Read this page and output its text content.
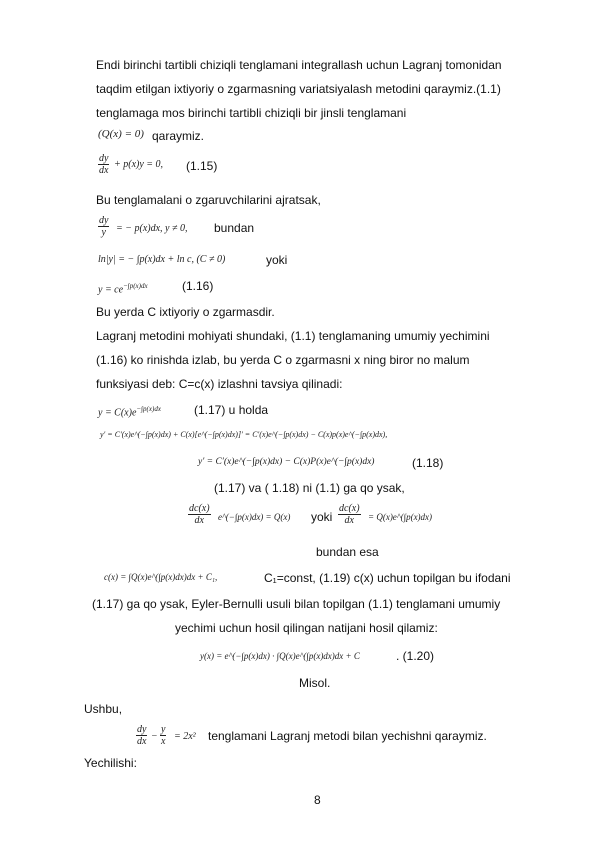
Endi birinchi tartibli chiziqli tenglamani integrallash uchun Lagranj tomonidan
taqdim etilgan ixtiyoriy o zgarmasning variatsiyalash metodini qaraymiz.(1.1)
tenglamaga mos birinchi tartibli chiziqli bir jinsli tenglamani
(Q(x) = 0) qaraymiz.
$\frac{dy}{dx} + p(x)y = 0$, (1.15)
Bu tenglamalani o zgaruvchilarini ajratsak,
$\frac{dy}{y}$ = − p(x)dx, y ≠ 0, bundan
ln|y| = − ∫p(x)dx + ln c, (C ≠ 0)	yoki
$y = ce^{-\int p(x)dx}$	(1.16)
Bu yerda C ixtiyoriy o zgarmasdir.
Lagranj metodini mohiyati shundaki, (1.1) tenglamaning umumiy yechimini
(1.16) ko rinishda izlab, bu yerda C o zgarmasni x ning biror no malum
funksiyasi deb: C=c(x) izlashni tavsiya qilinadi:
$y = C(x)e^{-\int p(x)dx}$	(1.17) u holda
y′ = C′(x)e^(−∫p(x)dx) + C(x)[e^(−∫p(x)dx)]′ = C′(x)e^(−∫p(x)dx) − C(x)p(x)e^(−∫p(x)dx),
y′ = C′(x)e^(−∫p(x)dx) − C(x)P(x)e^(−∫p(x)dx)	(1.18)
(1.17) va ( 1.18) ni (1.1) ga qo ysak,
$\frac{dc(x)}{dx}$ e^(−∫p(x)dx) = Q(x) yoki $\frac{dc(x)}{dx}$ = Q(x)e^(∫p(x)dx)
bundan esa
c(x) = ∫Q(x)e^(∫p(x)dx)dx + C₁,	C₁=const, (1.19) c(x) uchun topilgan bu ifodani
(1.17) ga qo ysak, Eyler-Bernulli usuli bilan topilgan (1.1) tenglamani umumiy
yechimi uchun hosil qilingan natijani hosil qilamiz:
y(x) = e^(−∫p(x)dx) · ∫Q(x)e^(∫p(x)dx)dx + C	. (1.20)
Misol.
Ushbu,
$\frac{dy}{dx} - \frac{y}{x} = 2x^2$ tenglamani Lagranj metodi bilan yechishni qaraymiz.
Yechilishi:
8
